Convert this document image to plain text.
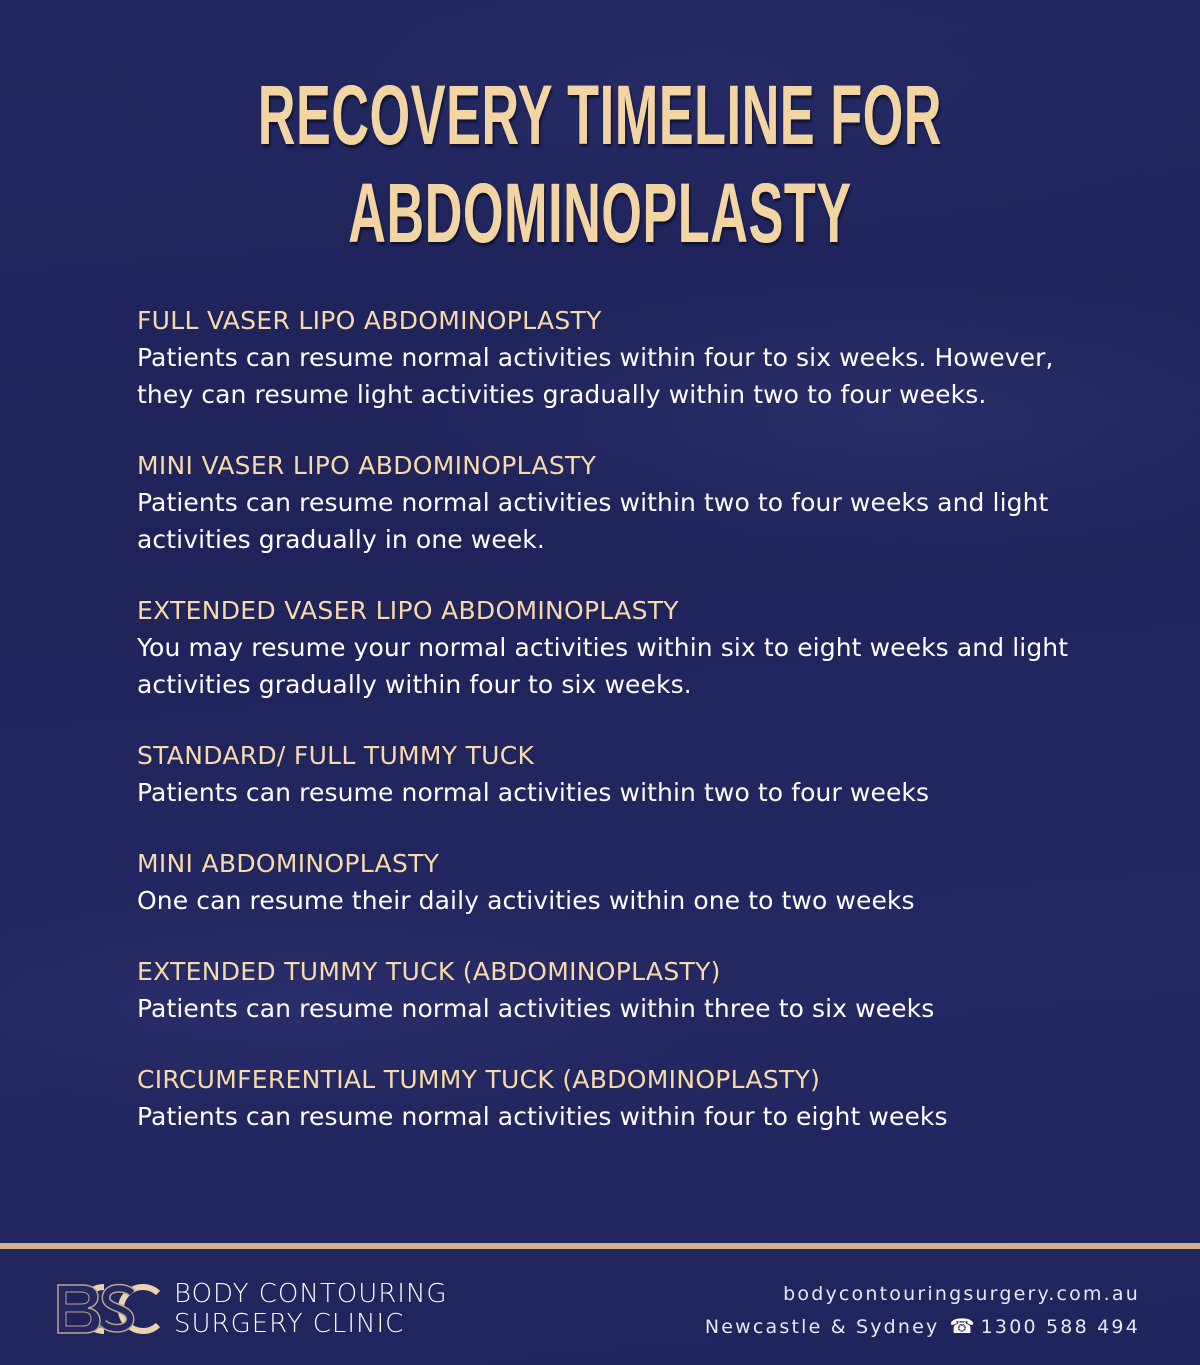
RECOVERY TIMELINE FOR
ABDOMINOPLASTY
FULL VASER LIPO ABDOMINOPLASTY
Patients can resume normal activities within four to six weeks. However, they can resume light activities gradually within two to four weeks.
MINI VASER LIPO ABDOMINOPLASTY
Patients can resume normal activities within two to four weeks and light activities gradually in one week.
EXTENDED VASER LIPO ABDOMINOPLASTY
You may resume your normal activities within six to eight weeks and light activities gradually within four to six weeks.
STANDARD/ FULL TUMMY TUCK
Patients can resume normal activities within two to four weeks
MINI ABDOMINOPLASTY
One can resume their daily activities within one to two weeks
EXTENDED TUMMY TUCK (ABDOMINOPLASTY)
Patients can resume normal activities within three to six weeks
CIRCUMFERENTIAL TUMMY TUCK (ABDOMINOPLASTY)
Patients can resume normal activities within four to eight weeks
BODY CONTOURING
SURGERY CLINIC
bodycontouringsurgery.com.au
Newcastle & Sydney ☎ 1300 588 494
